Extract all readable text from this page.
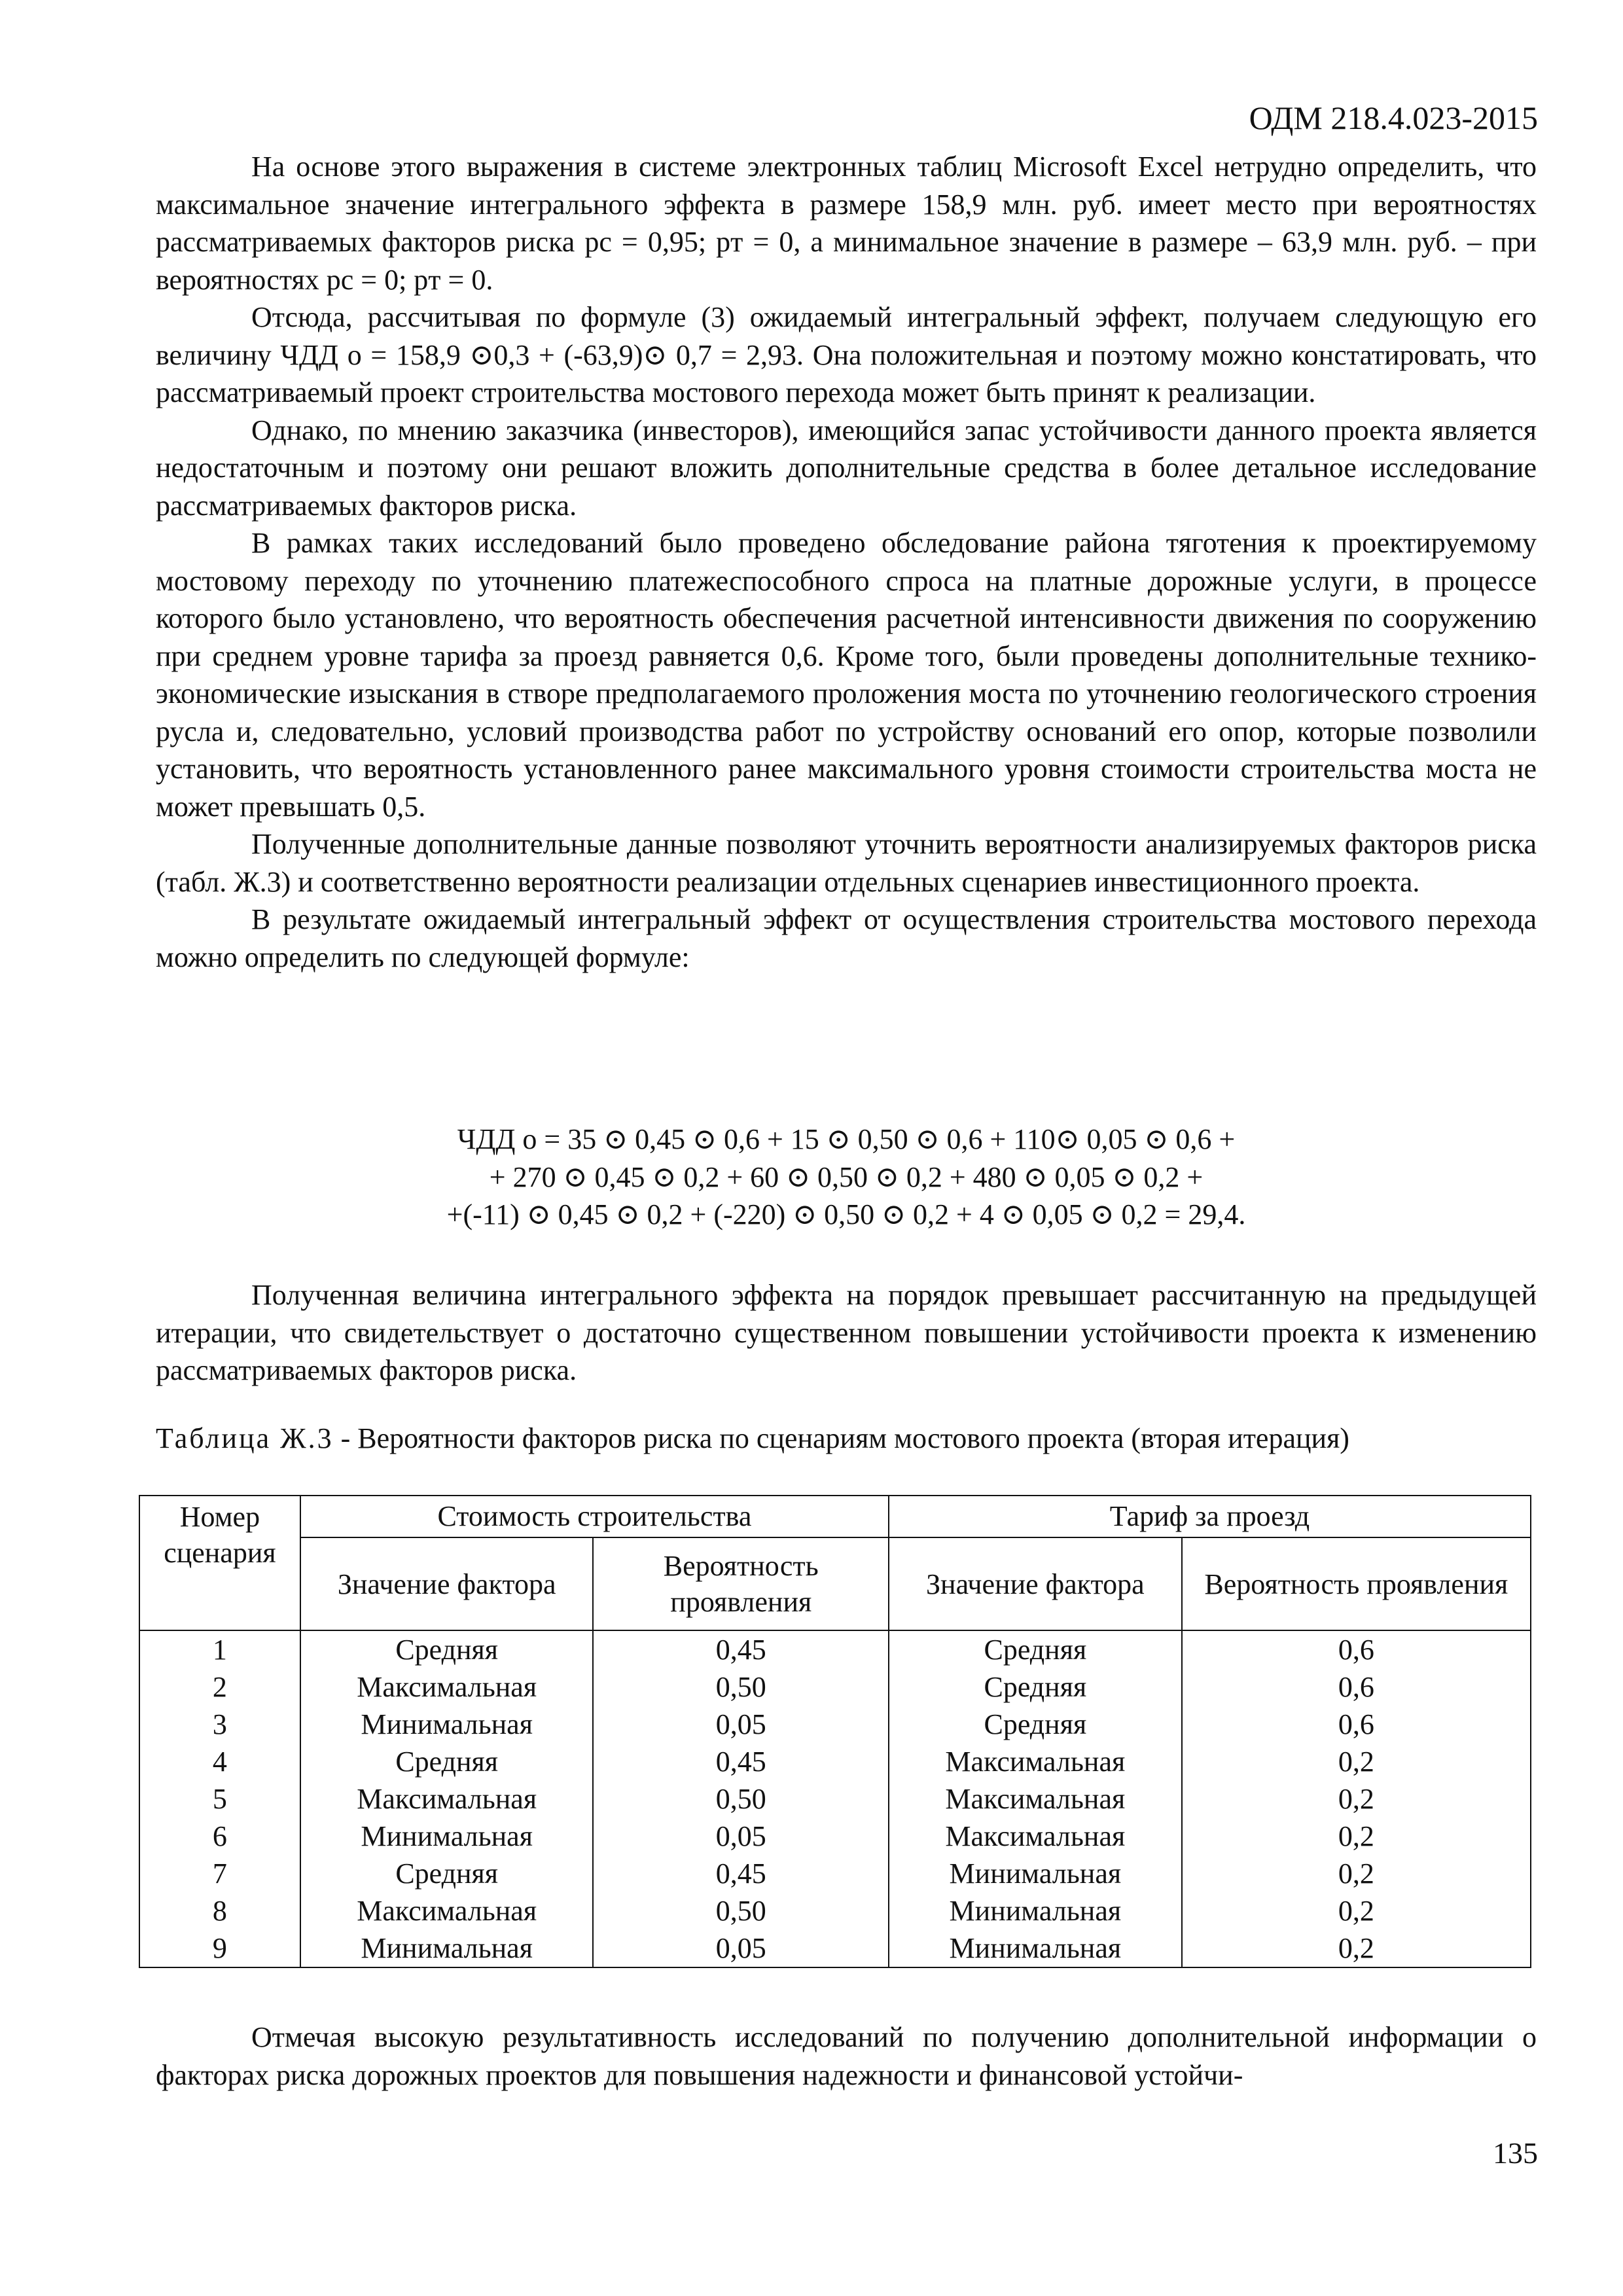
ОДМ 218.4.023-2015

На основе этого выражения в системе электронных таблиц Microsoft Excel нетрудно определить, что максимальное значение интегрального эффекта в размере 158,9 млн. руб. имеет место при вероятностях рассматриваемых факторов риска pс = 0,95; pт = 0, а минимальное значение в размере – 63,9 млн. руб. – при вероятностях pс = 0; pт = 0.

Отсюда, рассчитывая по формуле (3) ожидаемый интегральный эффект, получаем следующую его величину ЧДД о = 158,9 ⊙0,3 + (-63,9)⊙ 0,7 = 2,93. Она положительная и поэтому можно констатировать, что рассматриваемый проект строительства мостового перехода может быть принят к реализации.

Однако, по мнению заказчика (инвесторов), имеющийся запас устойчивости данного проекта является недостаточным и поэтому они решают вложить дополнительные средства в более детальное исследование рассматриваемых факторов риска.

В рамках таких исследований было проведено обследование района тяготения к проектируемому мостовому переходу по уточнению платежеспособного спроса на платные дорожные услуги, в процессе которого было установлено, что вероятность обеспечения расчетной интенсивности движения по сооружению при среднем уровне тарифа за проезд равняется 0,6. Кроме того, были проведены дополнительные технико-экономические изыскания в створе предполагаемого проложения моста по уточнению геологического строения русла и, следовательно, условий производства работ по устройству оснований его опор, которые позволили установить, что вероятность установленного ранее максимального уровня стоимости строительства моста не может превышать 0,5.

Полученные дополнительные данные позволяют уточнить вероятности анализируемых факторов риска (табл. Ж.3) и соответственно вероятности реализации отдельных сценариев инвестиционного проекта.

В результате ожидаемый интегральный эффект от осуществления строительства мостового перехода можно определить по следующей формуле:

ЧДД о = 35 ⊙ 0,45 ⊙ 0,6 + 15 ⊙ 0,50 ⊙ 0,6 + 110⊙ 0,05 ⊙ 0,6 +
+ 270 ⊙ 0,45 ⊙ 0,2 + 60 ⊙ 0,50 ⊙ 0,2 + 480 ⊙ 0,05 ⊙ 0,2 +
+(-11) ⊙ 0,45 ⊙ 0,2 + (-220) ⊙ 0,50 ⊙ 0,2 + 4 ⊙ 0,05 ⊙ 0,2 = 29,4.

Полученная величина интегрального эффекта на порядок превышает рассчитанную на предыдущей итерации, что свидетельствует о достаточно существенном повышении устойчивости проекта к изменению рассматриваемых факторов риска.

Таблица Ж.3 - Вероятности факторов риска по сценариям мостового проекта (вторая итерация)
Номер сценария	Стоимость строительства		Тариф за проезд	
	Значение фактора	Вероятность проявления	Значение фактора	Вероятность проявления
1	Средняя	0,45	Средняя	0,6
2	Максимальная	0,50	Средняя	0,6
3	Минимальная	0,05	Средняя	0,6
4	Средняя	0,45	Максимальная	0,2
5	Максимальная	0,50	Максимальная	0,2
6	Минимальная	0,05	Максимальная	0,2
7	Средняя	0,45	Минимальная	0,2
8	Максимальная	0,50	Минимальная	0,2
9	Минимальная	0,05	Минимальная	0,2

Отмечая высокую результативность исследований по получению дополнительной информации о факторах риска дорожных проектов для повышения надежности и финансовой устойчи-

135
